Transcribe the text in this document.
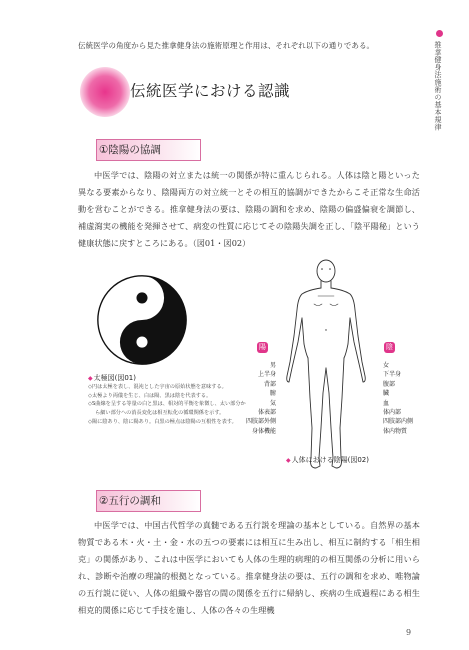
伝統医学の角度から見た推拿健身法の施術原理と作用は、それぞれ以下の通りである。	推拿健身法施術の基本規律
伝統医学における認識
①陰陽の協調
中医学では、陰陽の対立または統一の関係が特に重んじられる。人体は陰と陽といった異なる要素からなり、陰陽両方の対立統一とその相互的協調ができたからこそ正常な生命活動を営むことができる。推拿健身法の要は、陰陽の調和を求め、陰陽の偏盛偏衰を調節し、補虚瀉実の機能を発揮させて、病変の性質に応じてその陰陽失調を正し、「陰平陽秘」という健康状態に戻すところにある。（図01・図02）
◆太極図(図01)
◇円は太極を表し、混沌とした宇宙の原始状態を意味する。
◇太極より両儀を生じ、白は陽、黒は陰を代表する。
◇S曲線を呈する等量の白と黒は、相対的平衡を象徴し、太い部分から細い部分への消長変化は相互転化の循環関係を示す。
◇陽に陰あり、陰に陽あり。白黒の極点は陰陽の互根性を表す。
陽	陰
男
上半身
背部
腑
気
体表部
四肢部外側
身体機能
女
下半身
腹部
臓
血
体内部
四肢部内側
体内物質
◆人体における陰陽(図02)
②五行の調和
中医学では、中国古代哲学の真髄である五行説を理論の基本としている。自然界の基本物質である木・火・土・金・水の五つの要素には相互に生み出し、相互に制約する「相生相克」の関係があり、これは中医学においても人体の生理的病理的の相互関係の分析に用いられ、診断や治療の理論的根拠となっている。推拿健身法の要は、五行の調和を求め、唯物論の五行説に従い、人体の組織や器官の間の関係を五行に帰納し、疾病の生成過程にある相生相克的関係に応じて手技を施し、人体の各々の生理機
9
